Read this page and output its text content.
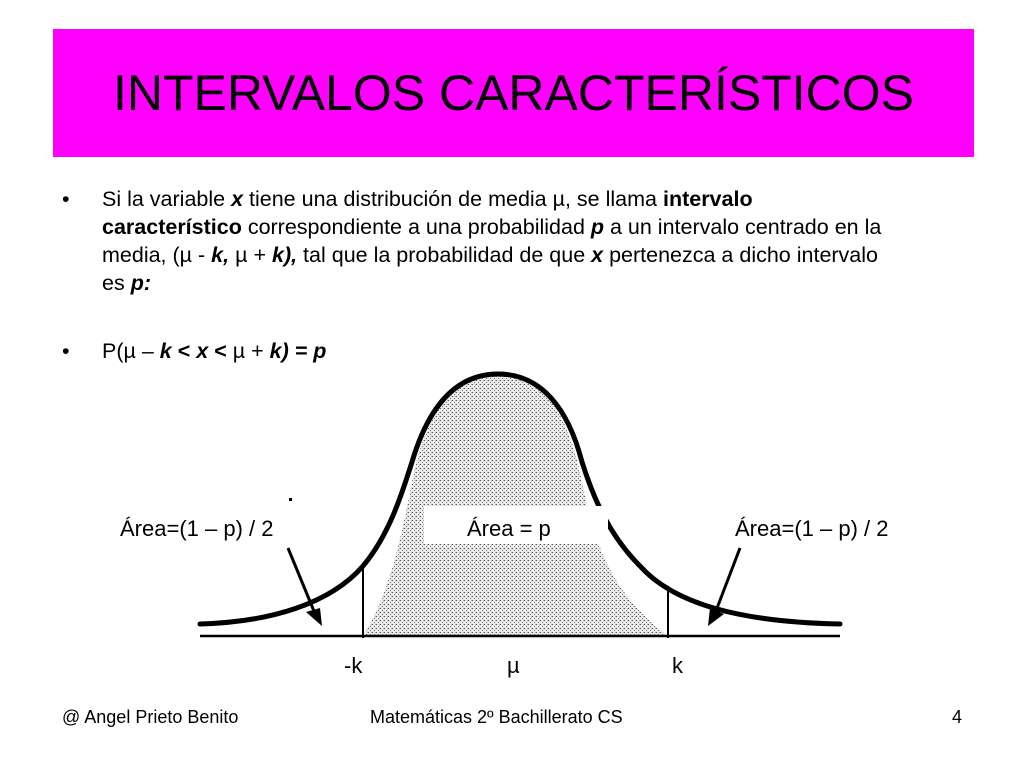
INTERVALOS CARACTERÍSTICOS
• Si la variable x tiene una distribución de media µ, se llama intervalo característico correspondiente a una probabilidad p a un intervalo centrado en la media, (µ - k, µ + k), tal que la probabilidad de que x pertenezca a dicho intervalo es p:
• P(µ – k < x < µ + k) = p
Área=(1 – p) / 2	Área = p	Área=(1 – p) / 2
-k	µ	k
@ Angel Prieto Benito	Matemáticas 2º Bachillerato CS	4
